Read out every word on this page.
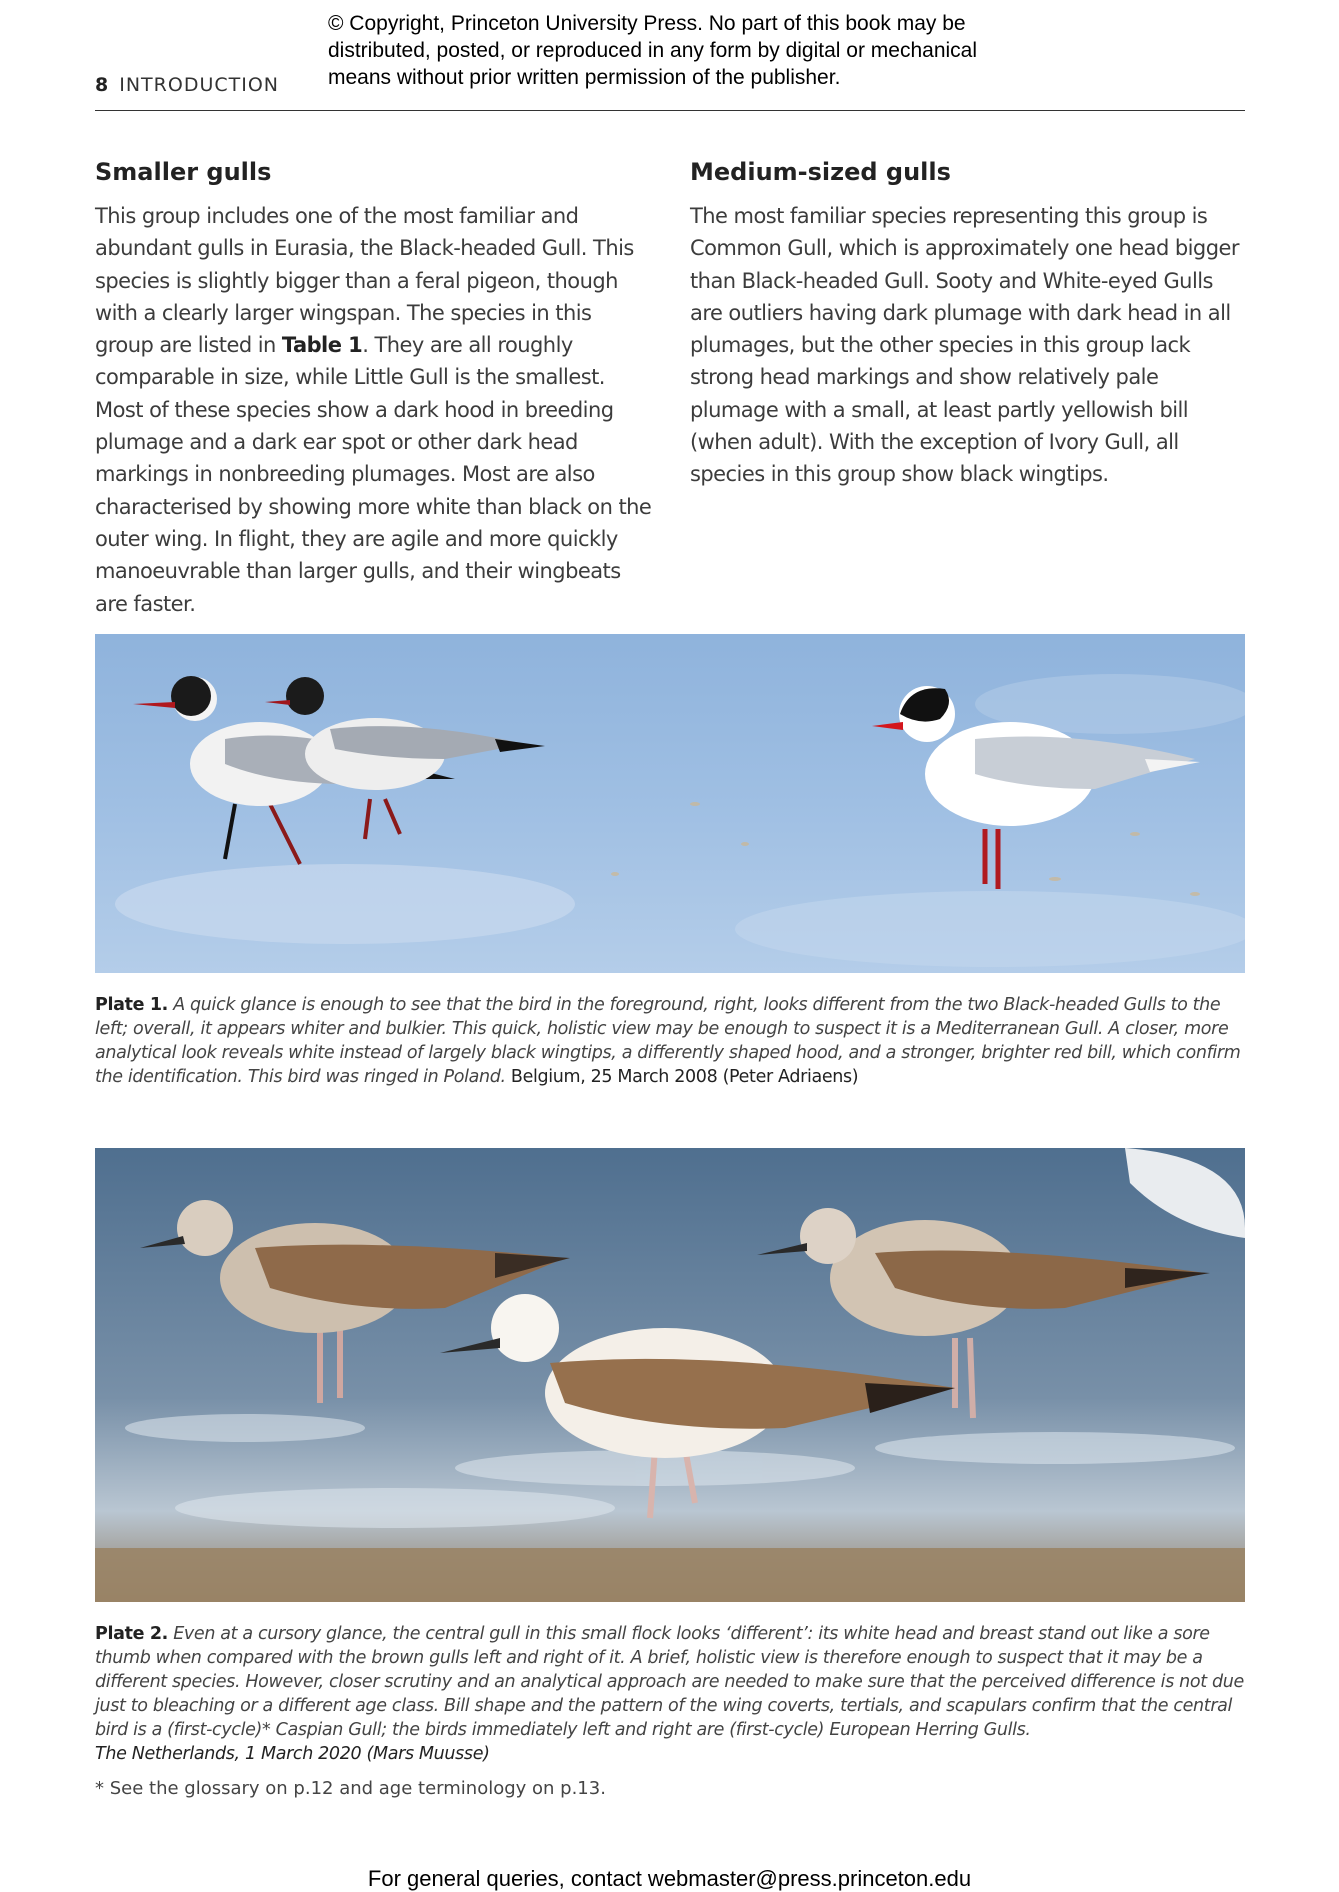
© Copyright, Princeton University Press. No part of this book may be
distributed, posted, or reproduced in any form by digital or mechanical
means without prior written permission of the publisher.
8 INTRODUCTION
Smaller gulls

This group includes one of the most familiar and abundant gulls in Eurasia, the Black-headed Gull. This species is slightly bigger than a feral pigeon, though with a clearly larger wingspan. The species in this group are listed in Table 1. They are all roughly comparable in size, while Little Gull is the smallest. Most of these species show a dark hood in breeding plumage and a dark ear spot or other dark head markings in nonbreeding plumages. Most are also characterised by showing more white than black on the outer wing. In flight, they are agile and more quickly manoeuvrable than larger gulls, and their wingbeats are faster.

Medium-sized gulls

The most familiar species representing this group is Common Gull, which is approximately one head bigger than Black-headed Gull. Sooty and White-eyed Gulls are outliers having dark plumage with dark head in all plumages, but the other species in this group lack strong head markings and show relatively pale plumage with a small, at least partly yellowish bill (when adult). With the exception of Ivory Gull, all species in this group show black wingtips.

Plate 1. A quick glance is enough to see that the bird in the foreground, right, looks different from the two Black-headed Gulls to the left; overall, it appears whiter and bulkier. This quick, holistic view may be enough to suspect it is a Mediterranean Gull. A closer, more analytical look reveals white instead of largely black wingtips, a differently shaped hood, and a stronger, brighter red bill, which confirm the identification. This bird was ringed in Poland. Belgium, 25 March 2008 (Peter Adriaens)
Plate 2. Even at a cursory glance, the central gull in this small flock looks ‘different’: its white head and breast stand out like a sore thumb when compared with the brown gulls left and right of it. A brief, holistic view is therefore enough to suspect that it may be a different species. However, closer scrutiny and an analytical approach are needed to make sure that the perceived difference is not due just to bleaching or a different age class. Bill shape and the pattern of the wing coverts, tertials, and scapulars confirm that the central bird is a (first-cycle)* Caspian Gull; the birds immediately left and right are (first-cycle) European Herring Gulls.
The Netherlands, 1 March 2020 (Mars Muusse)
* See the glossary on p.12 and age terminology on p.13.
For general queries, contact webmaster@press.princeton.edu
